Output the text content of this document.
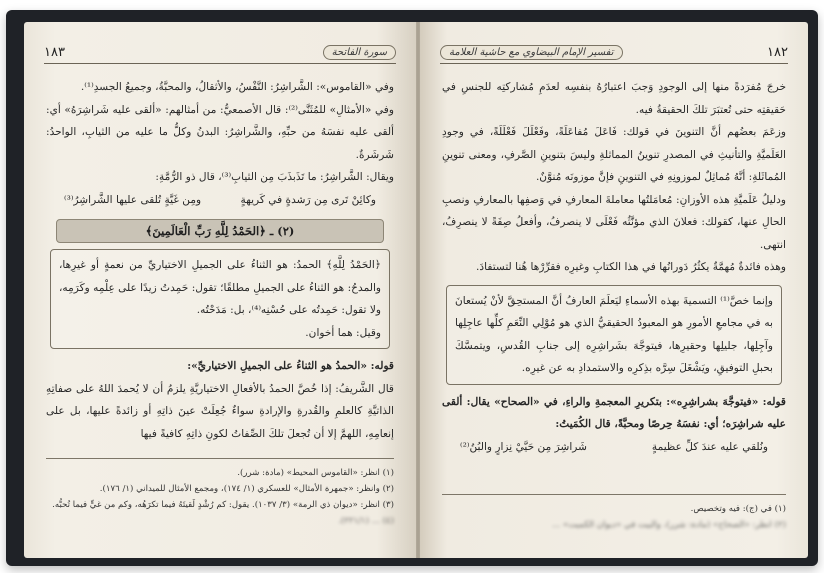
سورة الفاتحة
١٨٣

وفي «القاموس»: الشَّراشِرُ: النَّفْسُ، والأثقالُ، والمحبَّةُ، وجميعُ الجسدِ⁽¹⁾.

وفي «الأمثالِ» للمُثَنَّى⁽²⁾: قال الأصمعيُّ: من أمثالهم: «ألقى عليه شَراشِرَهُ» أي: ألقى عليه نفسَهُ من حبِّهِ، والشَّراشِرُ: البدنُ وكلُّ ما عليه من الثيابِ، الواحدُ: شَرشَرةٌ.

ويقال: الشَّراشِرُ: ما تَذَبذَبَ مِن الثيابِ⁽³⁾، قال ذو الرُّمَّةِ:

وكائِنْ تَرى مِن رَشدةٍ في كَريهةٍ
ومِن غَيَّةٍ تُلقى عليها الشَّراشِرُ⁽³⁾
(٢) ـ ﴿الحَمْدُ لِلَّهِ رَبِّ الْعَالَمِينَ﴾

﴿الحَمْدُ لِلَّهِ﴾ الحمدُ: هو الثناءُ على الجميلِ الاختياريِّ من نعمةٍ أو غيرِها، والمدحُ: هو الثناءُ على الجميلِ مطلقًا؛ تقول: حَمِدتُ زيدًا على عِلْمِه وكَرَمِه، ولا تقول: حَمِدتُه على حُسْنِه⁽⁴⁾، بل: مَدَحْتُه.

وقيل: هما أخوان.

قوله: «الحمدُ هو الثناءُ على الجميلِ الاختياريِّ»:

قال الشَّريفُ: إذا خُصَّ الحمدُ بالأفعالِ الاختياريَّةِ يلزمُ أن لا يُحمدَ اللهُ على صفاتِهِ الذاتيَّةِ كالعلمِ والقُدرةِ والإرادةِ سواءٌ جُعِلَتْ عينَ ذاتِهِ أو زائدةً عليها، بل على إنعامِهِ، اللهمَّ إلا أن تُجعلَ تلكَ الصِّفاتُ لكونِ ذاتِهِ كافيةً فيها

(١) انظر: «القاموس المحيط» (مادة: شرر).

(٢) وانظر: «جمهرة الأمثال» للعسكري (١/ ١٧٤)، ومجمع الأمثال للميداني (١/ ١٧٦).

(٣) انظر: «ديوان ذي الرمة» (٣/ ١٠٣٧). يقول: كم رُشْدٍ لَقيتَهُ فيما تكرَهُه، وكم من غيٍّ فيما تُحبُّه.

(٤) ... (٢٢١/١).

١٨٢
تفسير الإمام البيضاوي مع حاشية العلامة

خرجَ مُفرَدةً منها إلى الوجودِ وَجبَ اعتبارُهُ بنفسِه لعدَمِ مُشاركتِه للجنسِ في حَقيقتِه حتى تُعتبَرَ تلكَ الحقيقةُ فيه.

وزعَمَ بعضُهم أنَّ التنوينَ في قولك: فَاعَلَ مُفاعَلَةً، وفَعْلَلَ فَعْلَلَةً، في وجودِ العَلَميَّةِ والتأنيثِ في المصدرِ تنوينُ المماثلةِ وليسَ بتنوينِ الصَّرفِ، ومعنى تنوينِ المُماثَلةِ: أنَّهُ مُماثِلٌ لموزونِهِ في التنوينِ فإنَّ موزونَه مُنوَّنٌ.

ودليلُ عَلَميَّةِ هذه الأوزانِ: مُعامَلتُها معاملةَ المعارفِ في وَصفِها بالمعارفِ ونصبِ الحالِ عنها، كقولك: فعلانَ الذي مؤنَّثُه فَعْلَى لا ينصرفُ، وأفعلُ صِفَةً لا ينصرِفُ، انتهى.

وهذه فائدةٌ مُهمَّةٌ يكثُرُ دَورانُها في هذا الكتابِ وغيرِه فقرِّرْها هُنا لتستفادَ.

وإنما خصَّ⁽¹⁾ التسميةَ بهذه الأسماءِ ليَعلَمَ العارفُ أنَّ المستحِقَّ لأنْ يُستعانَ به في مجامعِ الأمورِ هو المعبودُ الحقيقيُّ الذي هو مُوْلِي النِّعَمِ كلِّها عاجِلِها وآجِلِها، جليلِها وحقيرِها، فيتوجَّهَ بشَراشِرِه إلى جنابِ القُدسِ، ويتمسَّكَ بحبلِ التوفيقِ، ويَشْغَلَ سِرَّه بذِكرِه والاستمدادِ به عن غيرِه.

قوله: «فيتوجَّهَ بشراشِرِه»: بتكريرِ المعجمةِ والراءِ، في «الصحاح» يقال: ألقى عليه شراشِرَه؛ أي: نفسَهُ حِرصًا ومحبَّةً، قال الكُمَيتُ:

ونُلقي عليه عندَ كلِّ عظيمةٍ
شَراشِرَ مِن حَيَّيْ نِزارٍ والبُنُ⁽²⁾

(١) في (ج): فيه وتخصيص.

(٢) انظر: «الصحاح» (مادة: شرر)، والبيت في «ديوان الكميت» ...
